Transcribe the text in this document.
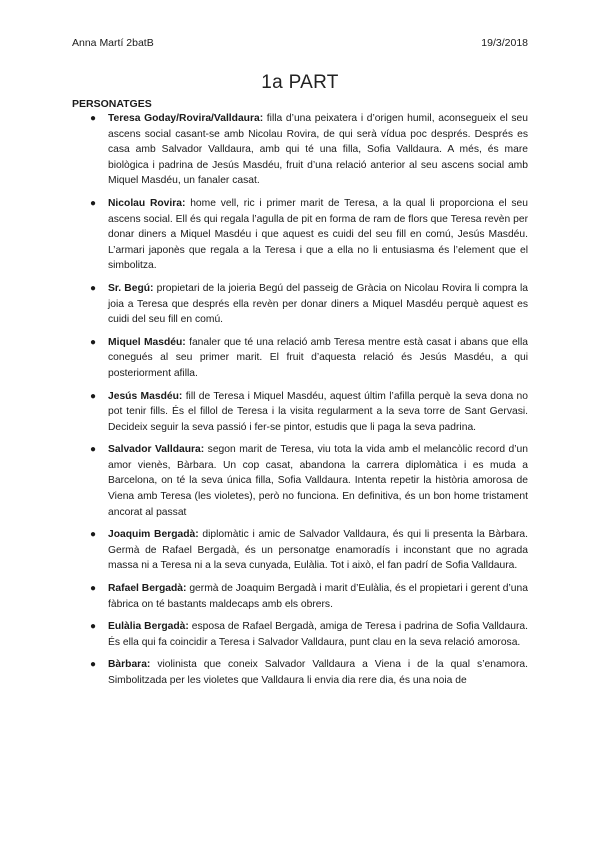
Anna Martí 2batB	19/3/2018
1a PART
PERSONATGES
● Teresa Goday/Rovira/Valldaura: filla d’una peixatera i d’origen humil, aconsegueix el seu ascens social casant-se amb Nicolau Rovira, de qui serà vídua poc després. Després es casa amb Salvador Valldaura, amb qui té una filla, Sofia Valldaura. A més, és mare biològica i padrina de Jesús Masdéu, fruit d’una relació anterior al seu ascens social amb Miquel Masdéu, un fanaler casat.
● Nicolau Rovira: home vell, ric i primer marit de Teresa, a la qual li proporciona el seu ascens social. Ell és qui regala l’agulla de pit en forma de ram de flors que Teresa revèn per donar diners a Miquel Masdéu i que aquest es cuidi del seu fill en comú, Jesús Masdéu. L’armari japonès que regala a la Teresa i que a ella no li entusiasma és l’element que el simbolitza.
● Sr. Begú: propietari de la joieria Begú del passeig de Gràcia on Nicolau Rovira li compra la joia a Teresa que després ella revèn per donar diners a Miquel Masdéu perquè aquest es cuidi del seu fill en comú.
● Miquel Masdéu: fanaler que té una relació amb Teresa mentre està casat i abans que ella conegués al seu primer marit. El fruit d’aquesta relació és Jesús Masdéu, a qui posteriorment afilla.
● Jesús Masdéu: fill de Teresa i Miquel Masdéu, aquest últim l’afilla perquè la seva dona no pot tenir fills. És el fillol de Teresa i la visita regularment a la seva torre de Sant Gervasi. Decideix seguir la seva passió i fer-se pintor, estudis que li paga la seva padrina.
● Salvador Valldaura: segon marit de Teresa, viu tota la vida amb el melancòlic record d’un amor vienès, Bàrbara. Un cop casat, abandona la carrera diplomàtica i es muda a Barcelona, on té la seva única filla, Sofia Valldaura. Intenta repetir la història amorosa de Viena amb Teresa (les violetes), però no funciona. En definitiva, és un bon home tristament ancorat al passat
● Joaquim Bergadà: diplomàtic i amic de Salvador Valldaura, és qui li presenta la Bàrbara. Germà de Rafael Bergadà, és un personatge enamoradís i inconstant que no agrada massa ni a Teresa ni a la seva cunyada, Eulàlia. Tot i això, el fan padrí de Sofia Valldaura.
● Rafael Bergadà: germà de Joaquim Bergadà i marit d’Eulàlia, és el propietari i gerent d’una fàbrica on té bastants maldecaps amb els obrers.
● Eulàlia Bergadà: esposa de Rafael Bergadà, amiga de Teresa i padrina de Sofia Valldaura. És ella qui fa coincidir a Teresa i Salvador Valldaura, punt clau en la seva relació amorosa.
● Bàrbara: violinista que coneix Salvador Valldaura a Viena i de la qual s’enamora. Simbolitzada per les violetes que Valldaura li envia dia rere dia, és una noia de
